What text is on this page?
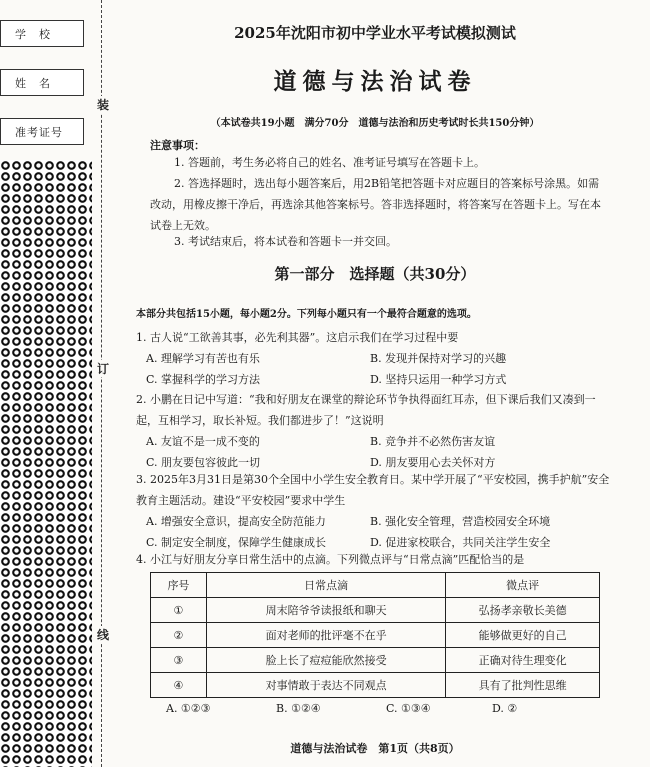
学　校
姓　名
准考证号
装
订
线
2025年沈阳市初中学业水平考试模拟测试
道德与法治试卷
（本试卷共19小题　满分70分　道德与法治和历史考试时长共150分钟）
注意事项：
1. 答题前，考生务必将自己的姓名、准考证号填写在答题卡上。
2. 答选择题时，选出每小题答案后，用2B铅笔把答题卡对应题目的答案标号涂黑。如需改动，用橡皮擦干净后，再选涂其他答案标号。答非选择题时，将答案写在答题卡上。写在本试卷上无效。
3. 考试结束后，将本试卷和答题卡一并交回。
第一部分　选择题（共30分）
本部分共包括15小题，每小题2分。下列每小题只有一个最符合题意的选项。
1. 古人说“工欲善其事，必先利其器”。这启示我们在学习过程中要
A. 理解学习有苦也有乐	B. 发现并保持对学习的兴趣
C. 掌握科学的学习方法	D. 坚持只运用一种学习方式
2. 小鹏在日记中写道：“我和好朋友在课堂的辩论环节争执得面红耳赤，但下课后我们又凑到一起，互相学习，取长补短。我们都进步了！”这说明
A. 友谊不是一成不变的	B. 竞争并不必然伤害友谊
C. 朋友要包容彼此一切	D. 朋友要用心去关怀对方
3. 2025年3月31日是第30个全国中小学生安全教育日。某中学开展了“平安校园，携手护航”安全教育主题活动。建设“平安校园”要求中学生
A. 增强安全意识，提高安全防范能力	B. 强化安全管理，营造校园安全环境
C. 制定安全制度，保障学生健康成长	D. 促进家校联合，共同关注学生安全
4. 小江与好朋友分享日常生活中的点滴。下列微点评与“日常点滴”匹配恰当的是
序号	日常点滴	微点评
①	周末陪爷爷读报纸和聊天	弘扬孝亲敬长美德
②	面对老师的批评毫不在乎	能够做更好的自己
③	脸上长了痘痘能欣然接受	正确对待生理变化
④	对事情敢于表达不同观点	具有了批判性思维
A. ①②③	B. ①②④	C. ①③④	D. ②
道德与法治试卷　第1页（共8页）
